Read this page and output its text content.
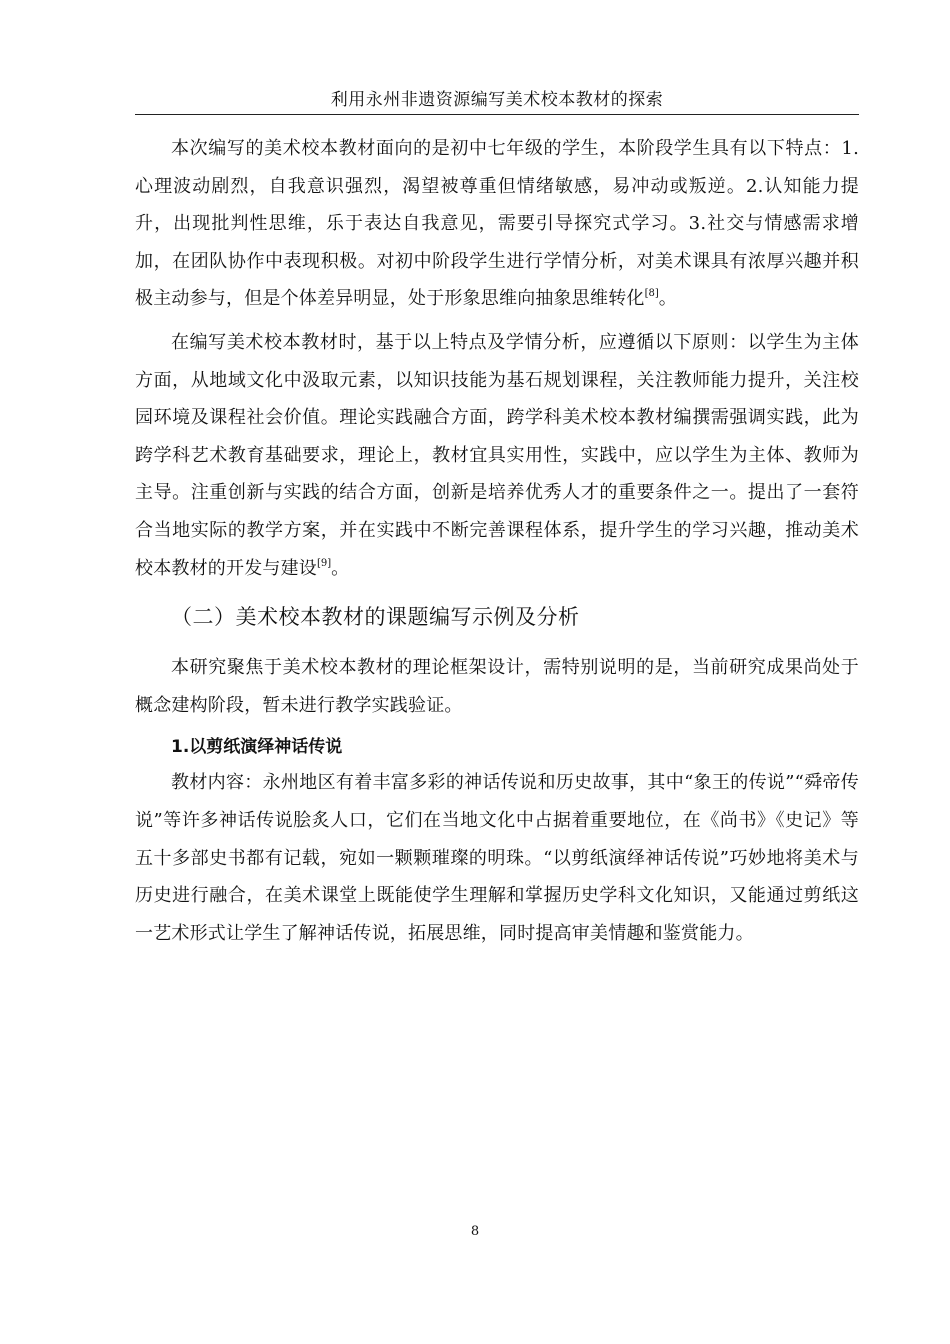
利用永州非遗资源编写美术校本教材的探索

本次编写的美术校本教材面向的是初中七年级的学生，本阶段学生具有以下特点：1.心理波动剧烈，自我意识强烈，渴望被尊重但情绪敏感，易冲动或叛逆。2.认知能力提升，出现批判性思维，乐于表达自我意见，需要引导探究式学习。3.社交与情感需求增加，在团队协作中表现积极。对初中阶段学生进行学情分析，对美术课具有浓厚兴趣并积极主动参与，但是个体差异明显，处于形象思维向抽象思维转化[8]。

在编写美术校本教材时，基于以上特点及学情分析，应遵循以下原则：以学生为主体方面，从地域文化中汲取元素，以知识技能为基石规划课程，关注教师能力提升，关注校园环境及课程社会价值。理论实践融合方面，跨学科美术校本教材编撰需强调实践，此为跨学科艺术教育基础要求，理论上，教材宜具实用性，实践中，应以学生为主体、教师为主导。注重创新与实践的结合方面，创新是培养优秀人才的重要条件之一。提出了一套符合当地实际的教学方案，并在实践中不断完善课程体系，提升学生的学习兴趣，推动美术校本教材的开发与建设[9]。

（二）美术校本教材的课题编写示例及分析

本研究聚焦于美术校本教材的理论框架设计，需特别说明的是，当前研究成果尚处于概念建构阶段，暂未进行教学实践验证。

1.以剪纸演绎神话传说

教材内容：永州地区有着丰富多彩的神话传说和历史故事，其中“象王的传说”“舜帝传说”等许多神话传说脍炙人口，它们在当地文化中占据着重要地位，在《尚书》《史记》等五十多部史书都有记载，宛如一颗颗璀璨的明珠。“以剪纸演绎神话传说”巧妙地将美术与历史进行融合，在美术课堂上既能使学生理解和掌握历史学科文化知识，又能通过剪纸这一艺术形式让学生了解神话传说，拓展思维，同时提高审美情趣和鉴赏能力。

8
